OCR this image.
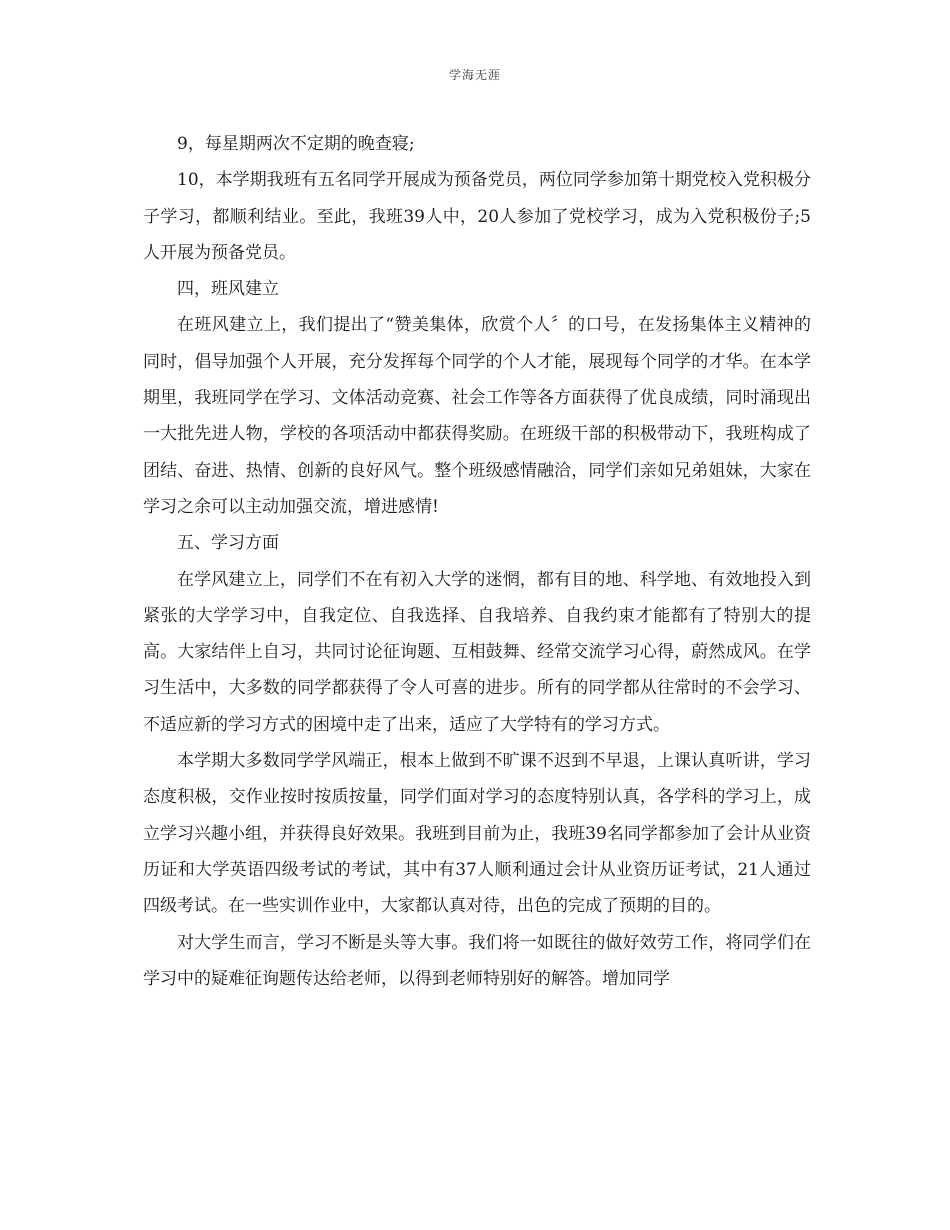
学海无涯

9，每星期两次不定期的晚查寝;

10，本学期我班有五名同学开展成为预备党员，两位同学参加第十期党校入党积极分子学习，都顺利结业。至此，我班39人中，20人参加了党校学习，成为入党积极份子;5人开展为预备党员。

四，班风建立

在班风建立上，我们提出了“赞美集体，欣赏个人〞的口号，在发扬集体主义精神的同时，倡导加强个人开展，充分发挥每个同学的个人才能，展现每个同学的才华。在本学期里，我班同学在学习、文体活动竞赛、社会工作等各方面获得了优良成绩，同时涌现出一大批先进人物，学校的各项活动中都获得奖励。在班级干部的积极带动下，我班构成了团结、奋进、热情、创新的良好风气。整个班级感情融洽，同学们亲如兄弟姐妹，大家在学习之余可以主动加强交流，增进感情!

五、学习方面

在学风建立上，同学们不在有初入大学的迷惘，都有目的地、科学地、有效地投入到紧张的大学学习中，自我定位、自我选择、自我培养、自我约束才能都有了特别大的提高。大家结伴上自习，共同讨论征询题、互相鼓舞、经常交流学习心得，蔚然成风。在学习生活中，大多数的同学都获得了令人可喜的进步。所有的同学都从往常时的不会学习、不适应新的学习方式的困境中走了出来，适应了大学特有的学习方式。

本学期大多数同学学风端正，根本上做到不旷课不迟到不早退，上课认真听讲，学习态度积极，交作业按时按质按量，同学们面对学习的态度特别认真，各学科的学习上，成立学习兴趣小组，并获得良好效果。我班到目前为止，我班39名同学都参加了会计从业资历证和大学英语四级考试的考试，其中有37人顺利通过会计从业资历证考试，21人通过四级考试。在一些实训作业中，大家都认真对待，出色的完成了预期的目的。

对大学生而言，学习不断是头等大事。我们将一如既往的做好效劳工作，将同学们在学习中的疑难征询题传达给老师，以得到老师特别好的解答。增加同学
